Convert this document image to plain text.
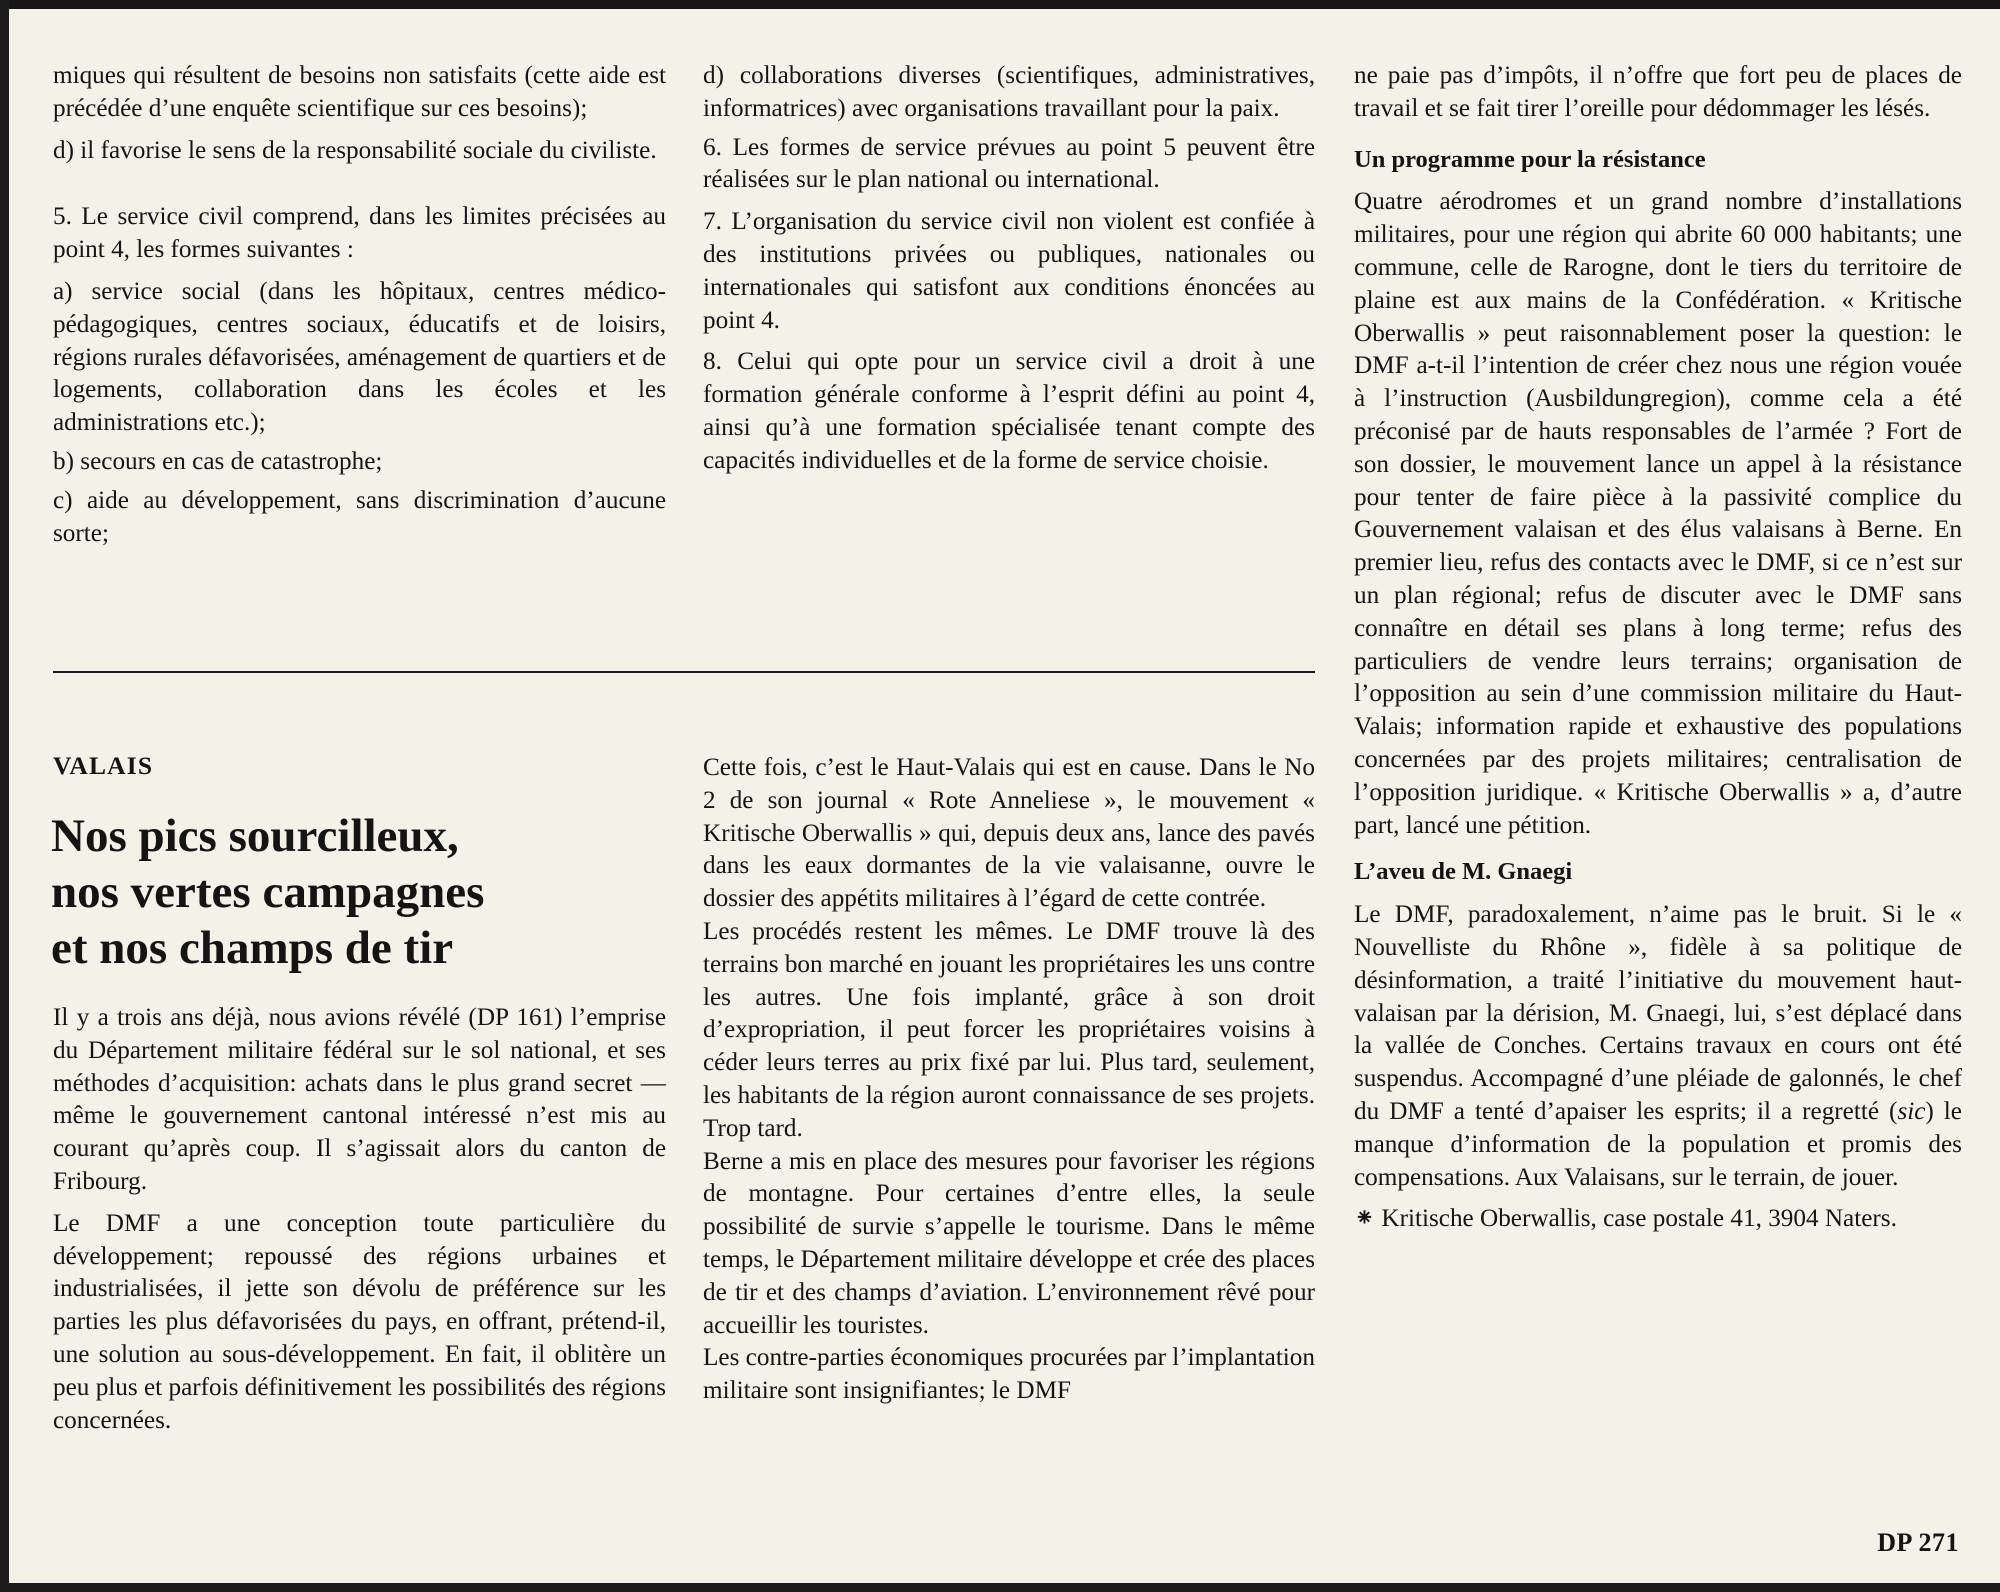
miques qui résultent de besoins non satisfaits (cette aide est précédée d’une enquête scientifique sur ces besoins);

d) il favorise le sens de la responsabilité sociale du civiliste.

5. Le service civil comprend, dans les limites précisées au point 4, les formes suivantes :

a) service social (dans les hôpitaux, centres médico-pédagogiques, centres sociaux, éducatifs et de loisirs, régions rurales défavorisées, aménagement de quartiers et de logements, collaboration dans les écoles et les administrations etc.);

b) secours en cas de catastrophe;

c) aide au développement, sans discrimination d’aucune sorte;

d) collaborations diverses (scientifiques, administratives, informatrices) avec organisations travaillant pour la paix.

6. Les formes de service prévues au point 5 peuvent être réalisées sur le plan national ou international.

7. L’organisation du service civil non violent est confiée à des institutions privées ou publiques, nationales ou internationales qui satisfont aux conditions énoncées au point 4.

8. Celui qui opte pour un service civil a droit à une formation générale conforme à l’esprit défini au point 4, ainsi qu’à une formation spécialisée tenant compte des capacités individuelles et de la forme de service choisie.

VALAIS
Nos pics sourcilleux,
nos vertes campagnes
et nos champs de tir

Il y a trois ans déjà, nous avions révélé (DP 161) l’emprise du Département militaire fédéral sur le sol national, et ses méthodes d’acquisition: achats dans le plus grand secret — même le gouvernement cantonal intéressé n’est mis au courant qu’après coup. Il s’agissait alors du canton de Fribourg.

Le DMF a une conception toute particulière du développement; repoussé des régions urbaines et industrialisées, il jette son dévolu de préférence sur les parties les plus défavorisées du pays, en offrant, prétend-il, une solution au sous-développement. En fait, il oblitère un peu plus et parfois définitivement les possibilités des régions concernées.

Cette fois, c’est le Haut-Valais qui est en cause. Dans le No 2 de son journal « Rote Anneliese », le mouvement « Kritische Oberwallis » qui, depuis deux ans, lance des pavés dans les eaux dormantes de la vie valaisanne, ouvre le dossier des appétits militaires à l’égard de cette contrée.

Les procédés restent les mêmes. Le DMF trouve là des terrains bon marché en jouant les propriétaires les uns contre les autres. Une fois implanté, grâce à son droit d’expropriation, il peut forcer les propriétaires voisins à céder leurs terres au prix fixé par lui. Plus tard, seulement, les habitants de la région auront connaissance de ses projets. Trop tard.

Berne a mis en place des mesures pour favoriser les régions de montagne. Pour certaines d’entre elles, la seule possibilité de survie s’appelle le tourisme. Dans le même temps, le Département militaire développe et crée des places de tir et des champs d’aviation. L’environnement rêvé pour accueillir les touristes.

Les contre-parties économiques procurées par l’implantation militaire sont insignifiantes; le DMF

ne paie pas d’impôts, il n’offre que fort peu de places de travail et se fait tirer l’oreille pour dédommager les lésés.

Un programme pour la résistance

Quatre aérodromes et un grand nombre d’installations militaires, pour une région qui abrite 60 000 habitants; une commune, celle de Rarogne, dont le tiers du territoire de plaine est aux mains de la Confédération. « Kritische Oberwallis » peut raisonnablement poser la question: le DMF a-t-il l’intention de créer chez nous une région vouée à l’instruction (Ausbildungregion), comme cela a été préconisé par de hauts responsables de l’armée ? Fort de son dossier, le mouvement lance un appel à la résistance pour tenter de faire pièce à la passivité complice du Gouvernement valaisan et des élus valaisans à Berne. En premier lieu, refus des contacts avec le DMF, si ce n’est sur un plan régional; refus de discuter avec le DMF sans connaître en détail ses plans à long terme; refus des particuliers de vendre leurs terrains; organisation de l’opposition au sein d’une commission militaire du Haut-Valais; information rapide et exhaustive des populations concernées par des projets militaires; centralisation de l’opposition juridique. « Kritische Oberwallis » a, d’autre part, lancé une pétition.

L’aveu de M. Gnaegi

Le DMF, paradoxalement, n’aime pas le bruit. Si le « Nouvelliste du Rhône », fidèle à sa politique de désinformation, a traité l’initiative du mouvement haut-valaisan par la dérision, M. Gnaegi, lui, s’est déplacé dans la vallée de Conches. Certains travaux en cours ont été suspendus. Accompagné d’une pléiade de galonnés, le chef du DMF a tenté d’apaiser les esprits; il a regretté (sic) le manque d’information de la population et promis des compensations. Aux Valaisans, sur le terrain, de jouer.

⁕ Kritische Oberwallis, case postale 41, 3904 Naters.

DP 271
